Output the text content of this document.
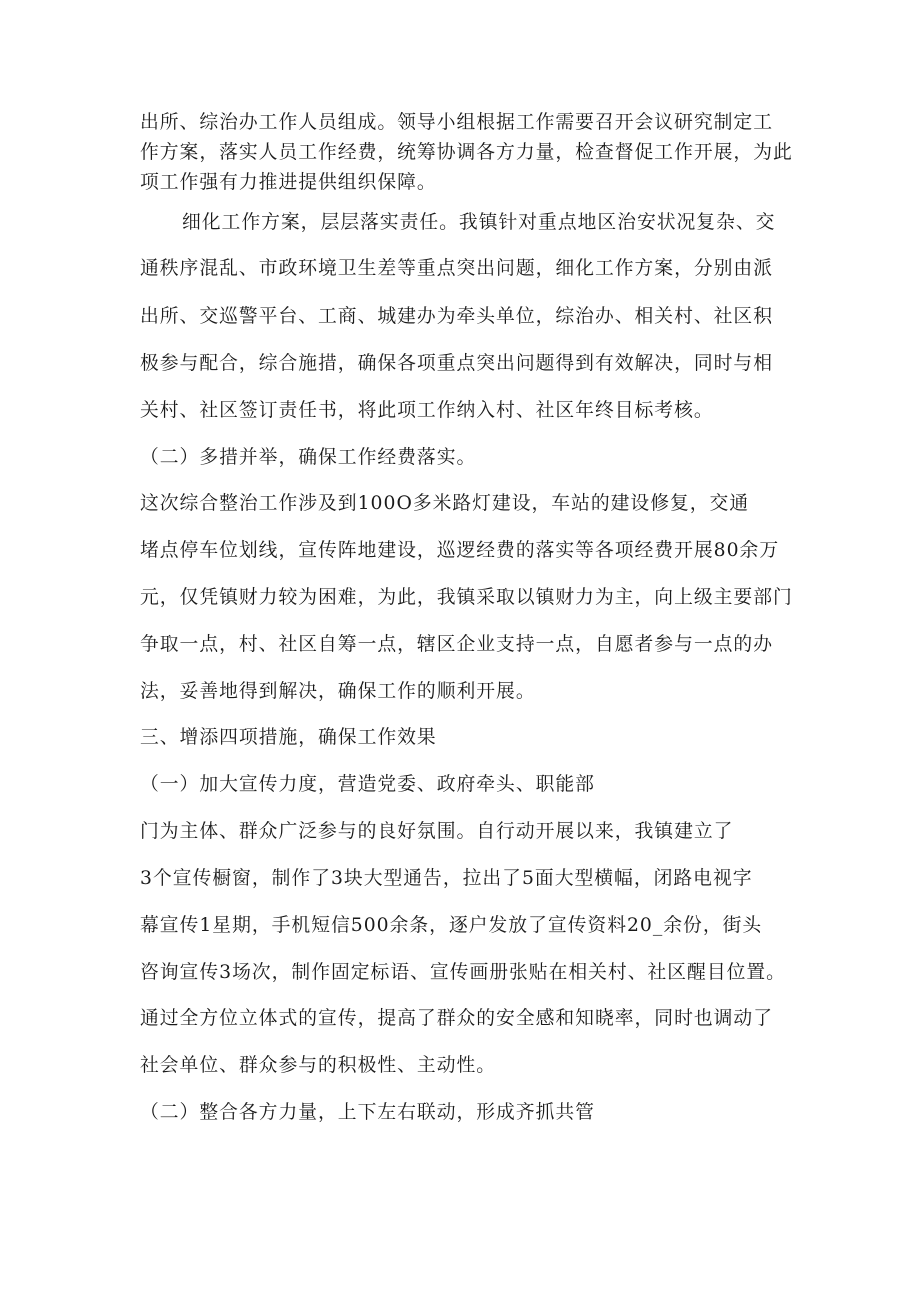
出所、综治办工作人员组成。领导小组根据工作需要召开会议研究制定工
作方案，落实人员工作经费，统筹协调各方力量，检查督促工作开展，为此
项工作强有力推进提供组织保障。
细化工作方案，层层落实责任。我镇针对重点地区治安状况复杂、交
通秩序混乱、市政环境卫生差等重点突出问题，细化工作方案，分别由派
出所、交巡警平台、工商、城建办为牵头单位，综治办、相关村、社区积
极参与配合，综合施措，确保各项重点突出问题得到有效解决，同时与相
关村、社区签订责任书，将此项工作纳入村、社区年终目标考核。
（二）多措并举，确保工作经费落实。
这次综合整治工作涉及到100O多米路灯建设，车站的建设修复，交通
堵点停车位划线，宣传阵地建设，巡逻经费的落实等各项经费开展80余万
元，仅凭镇财力较为困难，为此，我镇采取以镇财力为主，向上级主要部门
争取一点，村、社区自筹一点，辖区企业支持一点，自愿者参与一点的办
法，妥善地得到解决，确保工作的顺利开展。
三、增添四项措施，确保工作效果
（一）加大宣传力度，营造党委、政府牵头、职能部
门为主体、群众广泛参与的良好氛围。自行动开展以来，我镇建立了
3个宣传橱窗，制作了3块大型通告，拉出了5面大型横幅，闭路电视字
幕宣传1星期，手机短信500余条，逐户发放了宣传资料20_余份，街头
咨询宣传3场次，制作固定标语、宣传画册张贴在相关村、社区醒目位置。
通过全方位立体式的宣传，提高了群众的安全感和知晓率，同时也调动了
社会单位、群众参与的积极性、主动性。
（二）整合各方力量，上下左右联动，形成齐抓共管
